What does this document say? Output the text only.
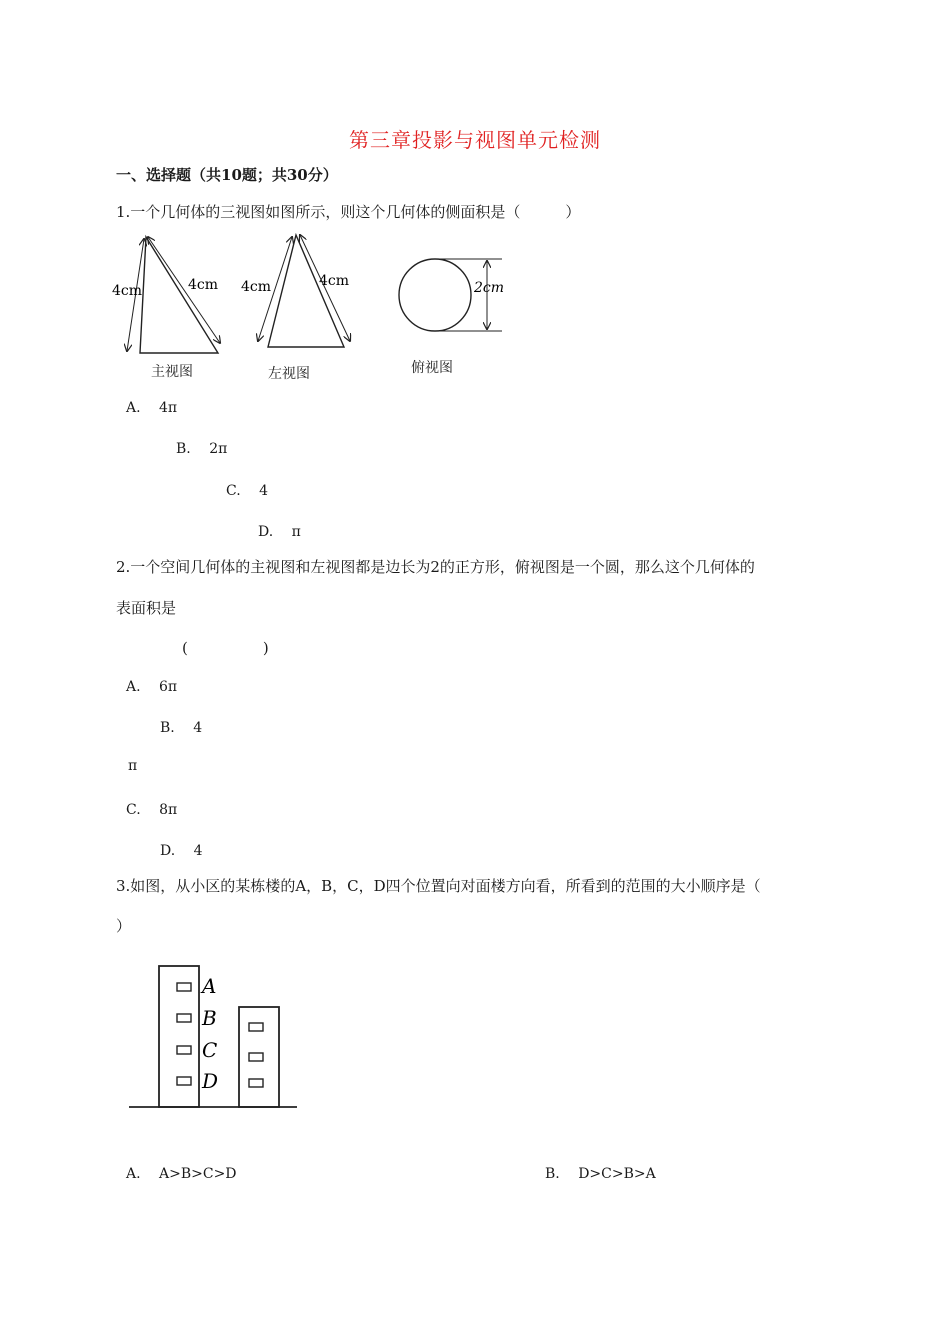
第三章投影与视图单元检测
一、选择题（共10题；共30分）
1.一个几何体的三视图如图所示，则这个几何体的侧面积是（　　　）
4cm	4cm 4cm	4cm	2cm
主视图	左视图	俯视图
A.　 4π
B.　 2π
C.　 4
D.　 π
2.一个空间几何体的主视图和左视图都是边长为2的正方形，俯视图是一个圆，那么这个几何体的
表面积是
(　　　　　)
A.　 6π
B.　 4
π
C.　 8π
D.　 4
3.如图，从小区的某栋楼的A，B，C，D四个位置向对面楼方向看，所看到的范围的大小顺序是（
）
A
B
C
D
A.　 A>B>C>D	B.　 D>C>B>A
